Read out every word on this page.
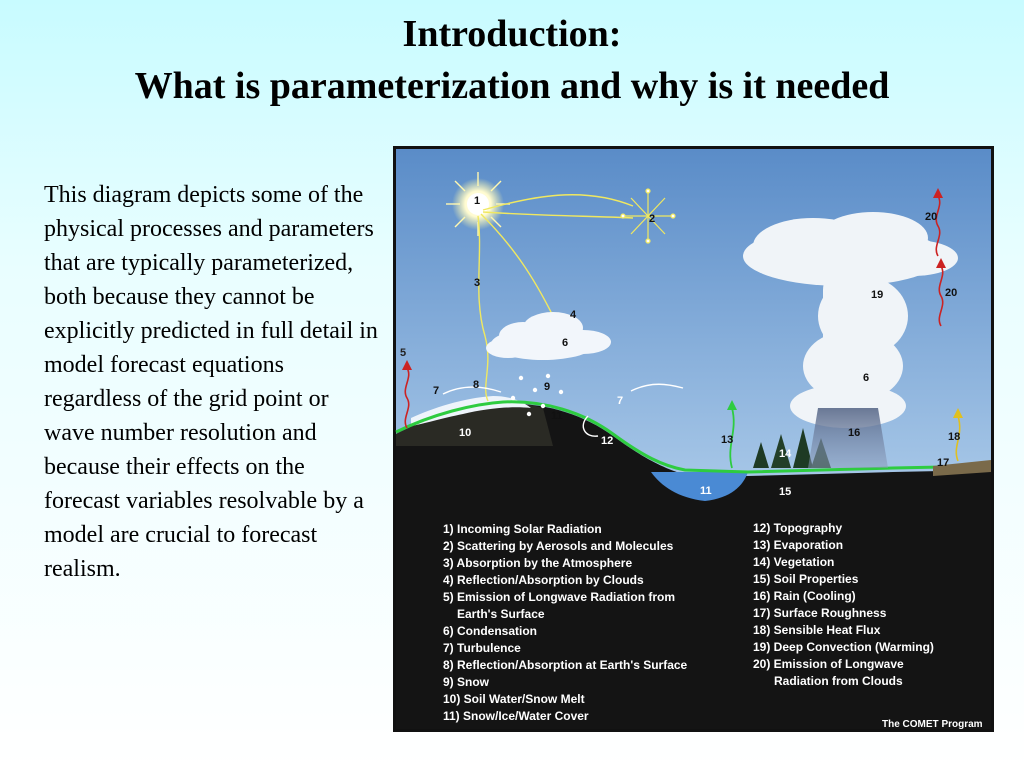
Introduction:
What is parameterization and why is it needed
This diagram depicts some of the physical processes and parameters that are typically parameterized, both because they cannot be explicitly predicted in full detail in model forecast equations regardless of the grid point or wave number resolution and because their effects on the forecast variables resolvable by a model are crucial to forecast realism.
1
2
3
4
5
6
7	8	9
10
11
12	13
14
15
16
17
18
19
20
20
6
7
11
1) Incoming Solar Radiation
2) Scattering by Aerosols and Molecules
3) Absorption by the Atmosphere
4) Reflection/Absorption by Clouds
5) Emission of Longwave Radiation from
Earth's Surface
6) Condensation
7) Turbulence
8) Reflection/Absorption at Earth's Surface
9) Snow
10) Soil Water/Snow Melt
11) Snow/Ice/Water Cover
12) Topography
13) Evaporation
14) Vegetation
15) Soil Properties
16) Rain (Cooling)
17) Surface Roughness
18) Sensible Heat Flux
19) Deep Convection (Warming)
20) Emission of Longwave
Radiation from Clouds
The COMET Program
